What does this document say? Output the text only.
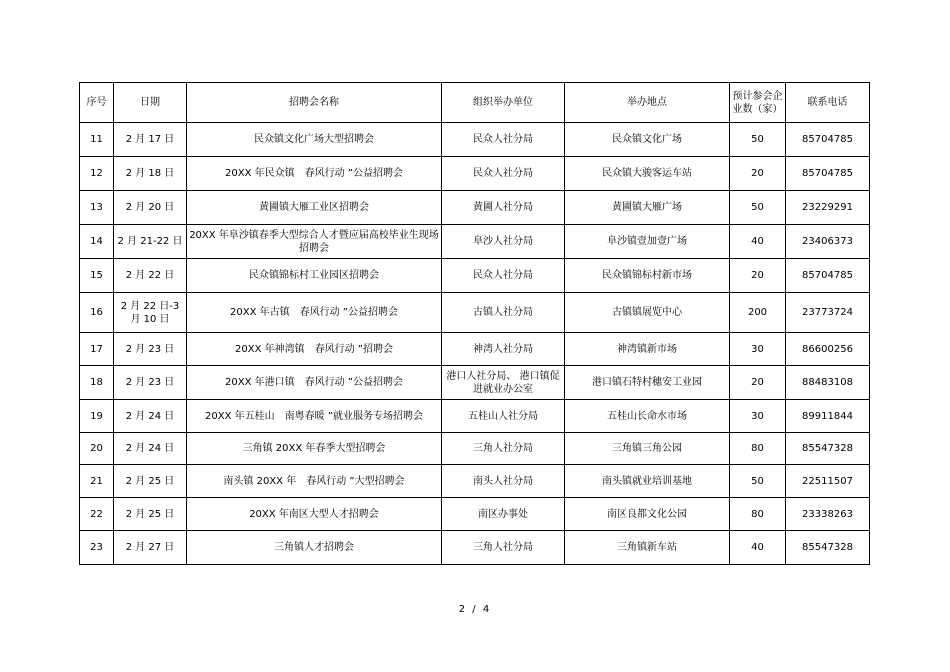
序号	日期	招聘会名称	组织举办单位	举办地点	预计参会企业数（家）	联系电话
11	2 月 17 日	民众镇文化广场大型招聘会	民众人社分局	民众镇文化广场	50	85704785
12	2 月 18 日	20XX 年民众镇　春风行动 ”公益招聘会	民众人社分局	民众镇大骏客运车站	20	85704785
13	2 月 20 日	黄圃镇大雁工业区招聘会	黄圃人社分局	黄圃镇大雁广场	50	23229291
14	2 月 21-22 日	20XX 年阜沙镇春季大型综合人才暨应届高校毕业生现场招聘会	阜沙人社分局	阜沙镇壹加壹广场	40	23406373
15	2 月 22 日	民众镇锦标村工业园区招聘会	民众人社分局	民众镇锦标村新市场	20	85704785
16	2 月 22 日-3 月 10 日	20XX 年古镇　春风行动 ”公益招聘会	古镇人社分局	古镇镇展览中心	200	23773724
17	2 月 23 日	20XX 年神湾镇　春风行动 ”招聘会	神湾人社分局	神湾镇新市场	30	86600256
18	2 月 23 日	20XX 年港口镇　春风行动 ”公益招聘会	港口人社分局、 港口镇促进就业办公室	港口镇石特村穗安工业园	20	88483108
19	2 月 24 日	20XX 年五桂山　南粤春暖 ”就业服务专场招聘会	五桂山人社分局	五桂山长命水市场	30	89911844
20	2 月 24 日	三角镇 20XX 年春季大型招聘会	三角人社分局	三角镇三角公园	80	85547328
21	2 月 25 日	南头镇 20XX 年　春风行动 ”大型招聘会	南头人社分局	南头镇就业培训基地	50	22511507
22	2 月 25 日	20XX 年南区大型人才招聘会	南区办事处	南区良都文化公园	80	23338263
23	2 月 27 日	三角镇人才招聘会	三角人社分局	三角镇新车站	40	85547328
2 / 4
